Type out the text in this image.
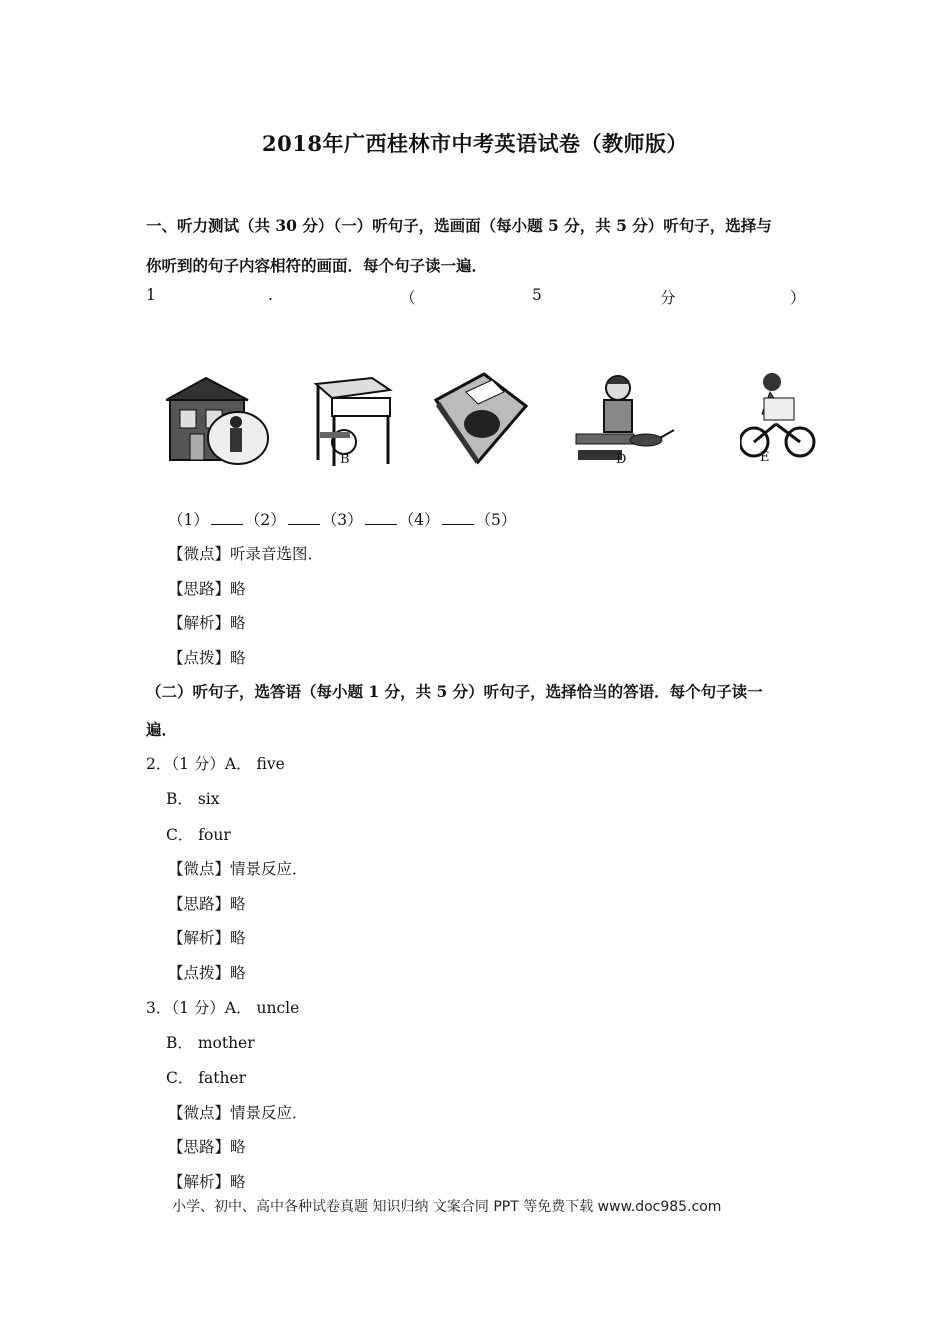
2018年广西桂林市中考英语试卷（教师版）
一、听力测试（共 30 分）（一）听句子，选画面（每小题 5 分，共 5 分）听句子，选择与
你听到的句子内容相符的画面．每个句子读一遍．
1	.	（	5	分	）
B	D	E
（1） （2） （3） （4） （5）
【微点】听录音选图．
【思路】略
【解析】略
【点拨】略
（二）听句子，选答语（每小题 1 分，共 5 分）听句子，选择恰当的答语．每个句子读一
遍．
2．（1 分）A． five
B． six
C． four
【微点】情景反应．
【思路】略
【解析】略
【点拨】略
3．（1 分）A． uncle
B． mother
C． father
【微点】情景反应．
【思路】略
【解析】略
小学、初中、高中各种试卷真题 知识归纳 文案合同 PPT 等免费下载 www.doc985.com
